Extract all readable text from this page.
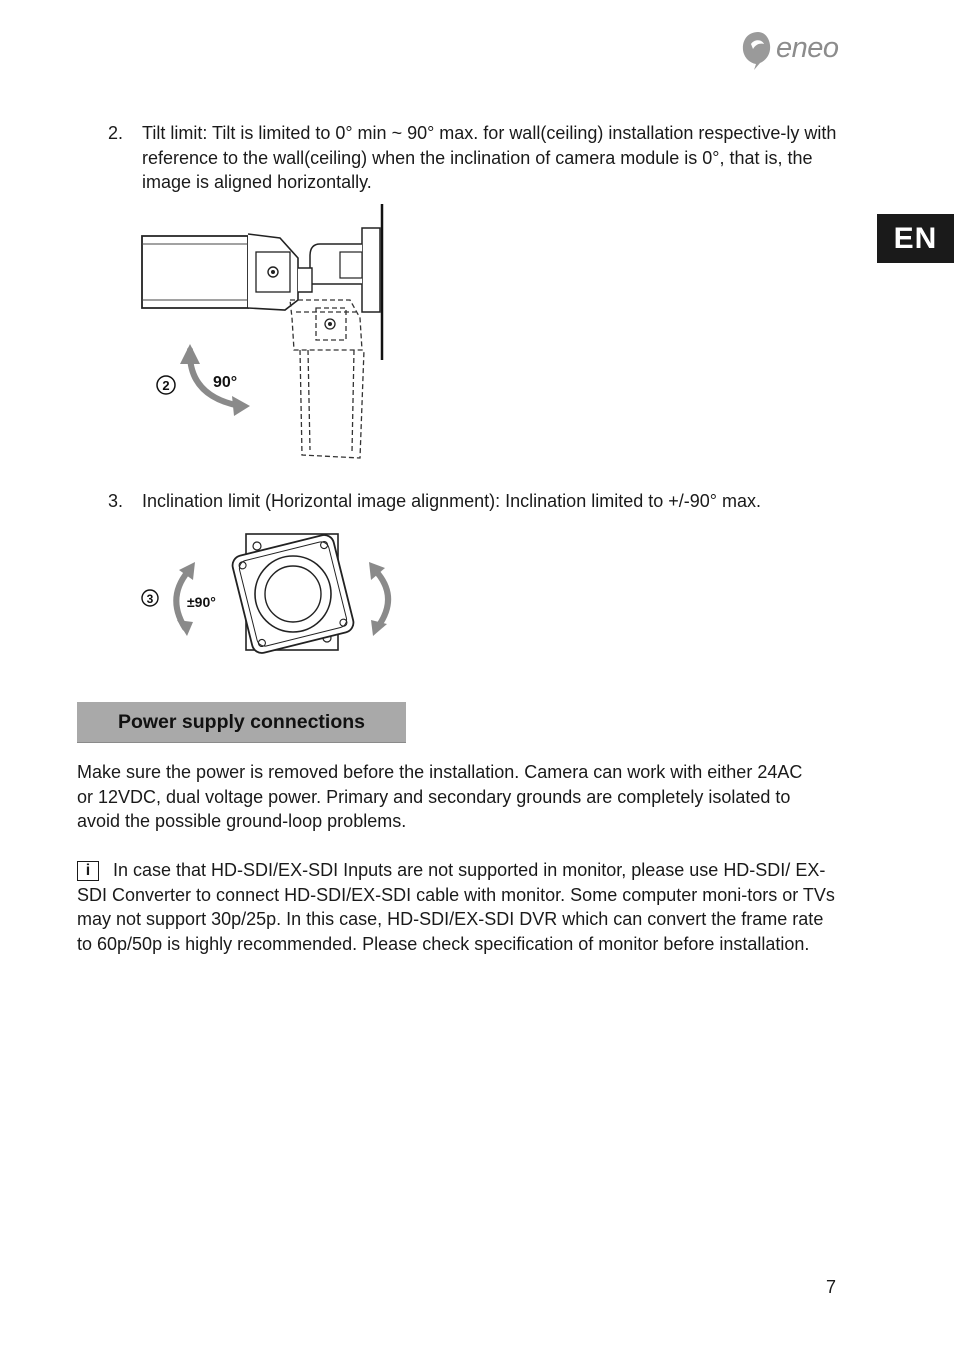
eneo
EN
2. Tilt limit: Tilt is limited to 0° min ~ 90° max. for wall(ceiling) installation respective-ly with reference to the wall(ceiling) when the inclination of camera module is 0°, that is, the image is aligned horizontally.
2	90°
3. Inclination limit (Horizontal image alignment): Inclination limited to +/-90° max.
3 ±90°
Power supply connections
Make sure the power is removed before the installation. Camera can work with either 24AC or 12VDC, dual voltage power. Primary and secondary grounds are completely isolated to avoid the possible ground-loop problems.
i In case that HD-SDI/EX-SDI Inputs are not supported in monitor, please use HD-SDI/ EX-SDI Converter to connect HD-SDI/EX-SDI cable with monitor. Some computer moni-tors or TVs may not support 30p/25p. In this case, HD-SDI/EX-SDI DVR which can convert the frame rate to 60p/50p is highly recommended. Please check specification of monitor before installation.
7
